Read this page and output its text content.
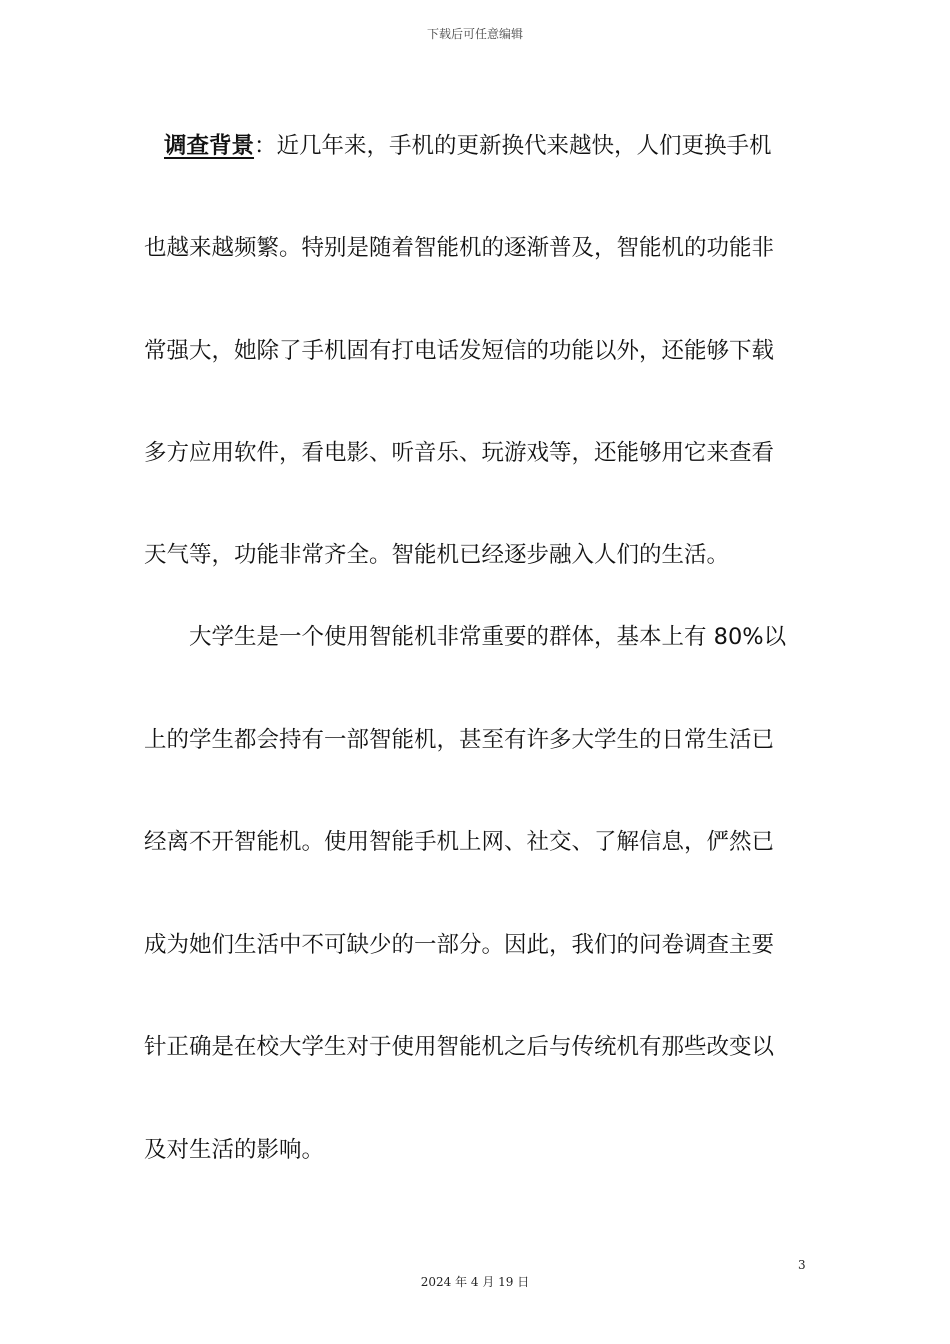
下载后可任意编辑
调查背景：近几年来，手机的更新换代来越快，人们更换手机
也越来越频繁。特别是随着智能机的逐渐普及，智能机的功能非
常强大，她除了手机固有打电话发短信的功能以外，还能够下载
多方应用软件，看电影、听音乐、玩游戏等，还能够用它来查看
天气等，功能非常齐全。智能机已经逐步融入人们的生活。
大学生是一个使用智能机非常重要的群体，基本上有 80%以
上的学生都会持有一部智能机，甚至有许多大学生的日常生活已
经离不开智能机。使用智能手机上网、社交、了解信息，俨然已
成为她们生活中不可缺少的一部分。因此，我们的问卷调查主要
针正确是在校大学生对于使用智能机之后与传统机有那些改变以
及对生活的影响。
3
2024 年 4 月 19 日
